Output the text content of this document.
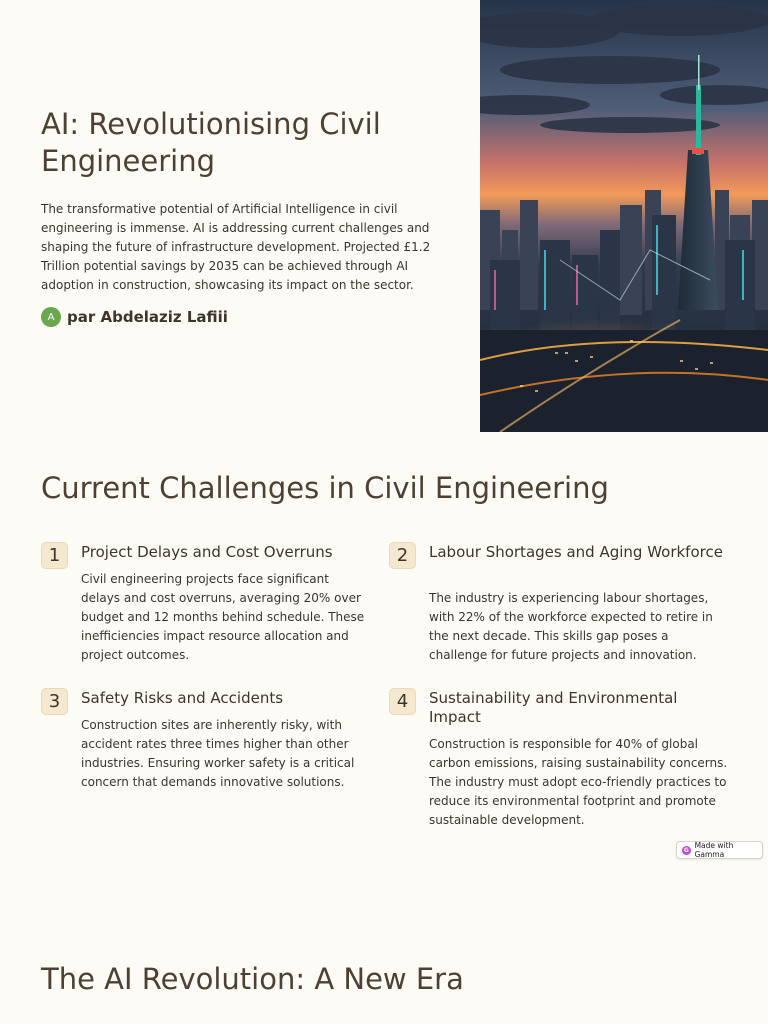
AI: Revolutionising Civil Engineering

The transformative potential of Artificial Intelligence in civil engineering is immense. AI is addressing current challenges and shaping the future of infrastructure development. Projected £1.2 Trillion potential savings by 2035 can be achieved through AI adoption in construction, showcasing its impact on the sector.

A par Abdelaziz Lafiii
Current Challenges in Civil Engineering
1	Project Delays and Cost Overruns
Civil engineering projects face significant delays and cost overruns, averaging 20% over budget and 12 months behind schedule. These inefficiencies impact resource allocation and project outcomes.
2	Labour Shortages and Aging Workforce
The industry is experiencing labour shortages, with 22% of the workforce expected to retire in the next decade. This skills gap poses a challenge for future projects and innovation.
3	Safety Risks and Accidents
Construction sites are inherently risky, with accident rates three times higher than other industries. Ensuring worker safety is a critical concern that demands innovative solutions.
4	Sustainability and Environmental Impact
Construction is responsible for 40% of global carbon emissions, raising sustainability concerns. The industry must adopt eco-friendly practices to reduce its environmental footprint and promote sustainable development.
G Made with Gamma
The AI Revolution: A New Era
